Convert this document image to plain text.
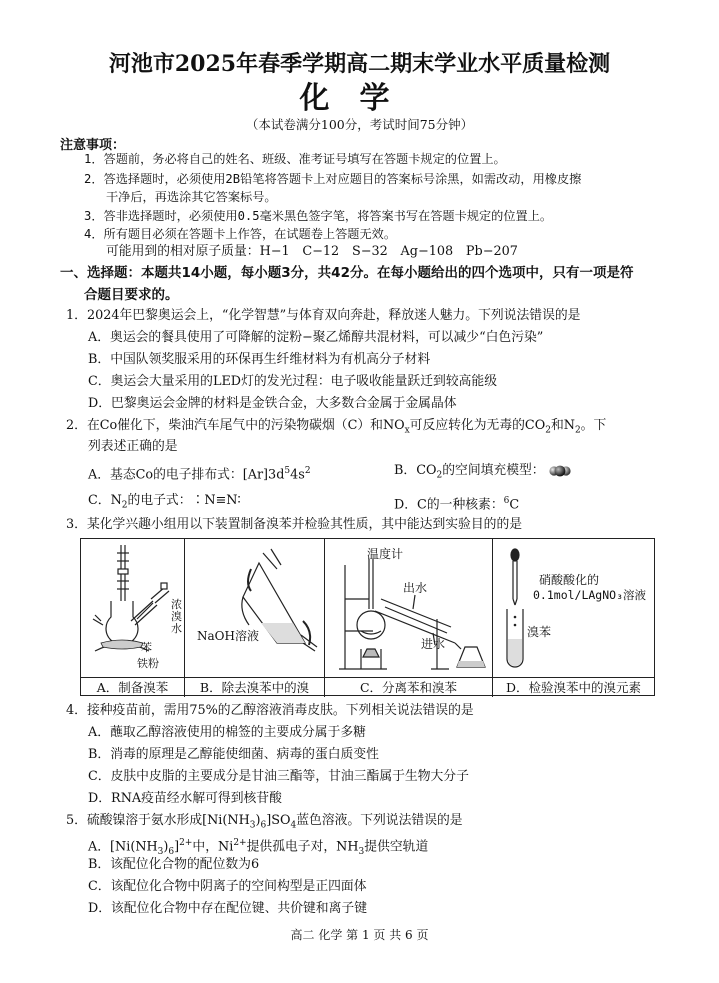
河池市2025年春季学期高二期末学业水平质量检测
化学
（本试卷满分100分，考试时间75分钟）
注意事项：
1．答题前，务必将自己的姓名、班级、准考证号填写在答题卡规定的位置上。
2．答选择题时，必须使用2B铅笔将答题卡上对应题目的答案标号涂黑，如需改动，用橡皮擦
干净后，再选涂其它答案标号。
3．答非选择题时，必须使用0.5毫米黑色签字笔，将答案书写在答题卡规定的位置上。
4．所有题目必须在答题卡上作答，在试题卷上答题无效。
可能用到的相对原子质量：H−1　C−12　S−32　Ag−108　Pb−207
一、选择题：本题共14小题，每小题3分，共42分。在每小题给出的四个选项中，只有一项是符
合题目要求的。
1．2024年巴黎奥运会上，“化学智慧”与体育双向奔赴，释放迷人魅力。下列说法错误的是
A．奥运会的餐具使用了可降解的淀粉−聚乙烯醇共混材料，可以减少“白色污染”
B．中国队领奖服采用的环保再生纤维材料为有机高分子材料
C．奥运会大量采用的LED灯的发光过程：电子吸收能量跃迁到较高能级
D．巴黎奥运会金牌的材料是金铁合金，大多数合金属于金属晶体
2．在Co催化下，柴油汽车尾气中的污染物碳烟（C）和$NO_x$可反应转化为无毒的$CO_2$和$N_2$。下
列表述正确的是
A．基态Co的电子排布式：$[Ar]3d^54s^2$	B．$CO_2$的空间填充模型：
C．$N_2$的电子式：∶N≡N∶	D．C的一种核素：$^6$C
3．某化学兴趣小组用以下装置制备溴苯并检验其性质，其中能达到实验目的的是
浓
溴
水
苯
铁粉
NaOH溶液
温度计
出水
进水
硝酸酸化的
0.1mol/LAgNO₃溶液
溴苯
A．制备溴苯	B．除去溴苯中的溴	C．分离苯和溴苯	D．检验溴苯中的溴元素
4．接种疫苗前，需用75%的乙醇溶液消毒皮肤。下列相关说法错误的是
A．蘸取乙醇溶液使用的棉签的主要成分属于多糖
B．消毒的原理是乙醇能使细菌、病毒的蛋白质变性
C．皮肤中皮脂的主要成分是甘油三酯等，甘油三酯属于生物大分子
D．RNA疫苗经水解可得到核苷酸
5．硫酸镍溶于氨水形成$[Ni(NH_3)_6]SO_4$蓝色溶液。下列说法错误的是
A．$[Ni(NH_3)_6]^{2+}$中，$Ni^{2+}$提供孤电子对，$NH_3$提供空轨道
B．该配位化合物的配位数为6
C．该配位化合物中阴离子的空间构型是正四面体
D．该配位化合物中存在配位键、共价键和离子键
高二 化学 第 1 页 共 6 页
